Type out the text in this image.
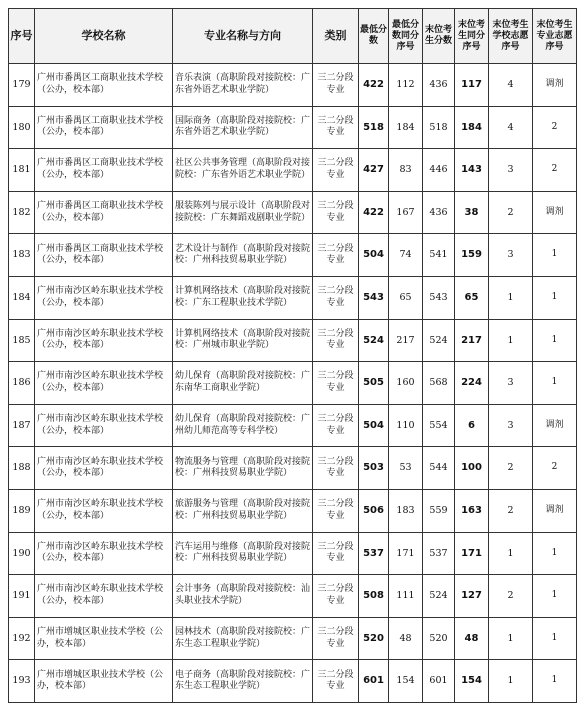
序号	学校名称	专业名称与方向	类别	最低分数	最低分数同分序号	末位考生分数	末位考生同分序号	末位考生学校志愿序号	末位考生专业志愿序号
179	广州市番禺区工商职业技术学校（公办，校本部）	音乐表演（高职阶段对接院校：广东省外语艺术职业学院）	三二分段专业	422	112	436	117	4	调剂
180	广州市番禺区工商职业技术学校（公办，校本部）	国际商务（高职阶段对接院校：广东省外语艺术职业学院）	三二分段专业	518	184	518	184	4	2
181	广州市番禺区工商职业技术学校（公办，校本部）	社区公共事务管理（高职阶段对接院校：广东省外语艺术职业学院）	三二分段专业	427	83	446	143	3	2
182	广州市番禺区工商职业技术学校（公办，校本部）	服装陈列与展示设计（高职阶段对接院校：广东舞蹈戏剧职业学院）	三二分段专业	422	167	436	38	2	调剂
183	广州市番禺区工商职业技术学校（公办，校本部）	艺术设计与制作（高职阶段对接院校：广州科技贸易职业学院）	三二分段专业	504	74	541	159	3	1
184	广州市南沙区岭东职业技术学校（公办，校本部）	计算机网络技术（高职阶段对接院校：广东工程职业技术学院）	三二分段专业	543	65	543	65	1	1
185	广州市南沙区岭东职业技术学校（公办，校本部）	计算机网络技术（高职阶段对接院校：广州城市职业学院）	三二分段专业	524	217	524	217	1	1
186	广州市南沙区岭东职业技术学校（公办，校本部）	幼儿保育（高职阶段对接院校：广东南华工商职业学院）	三二分段专业	505	160	568	224	3	1
187	广州市南沙区岭东职业技术学校（公办，校本部）	幼儿保育（高职阶段对接院校：广州幼儿师范高等专科学校）	三二分段专业	504	110	554	6	3	调剂
188	广州市南沙区岭东职业技术学校（公办，校本部）	物流服务与管理（高职阶段对接院校：广州科技贸易职业学院）	三二分段专业	503	53	544	100	2	2
189	广州市南沙区岭东职业技术学校（公办，校本部）	旅游服务与管理（高职阶段对接院校：广州科技贸易职业学院）	三二分段专业	506	183	559	163	2	调剂
190	广州市南沙区岭东职业技术学校（公办，校本部）	汽车运用与维修（高职阶段对接院校：广州科技贸易职业学院）	三二分段专业	537	171	537	171	1	1
191	广州市南沙区岭东职业技术学校（公办，校本部）	会计事务（高职阶段对接院校：汕头职业技术学院）	三二分段专业	508	111	524	127	2	1
192	广州市增城区职业技术学校（公办，校本部）	园林技术（高职阶段对接院校：广东生态工程职业学院）	三二分段专业	520	48	520	48	1	1
193	广州市增城区职业技术学校（公办，校本部）	电子商务（高职阶段对接院校：广东生态工程职业学院）	三二分段专业	601	154	601	154	1	1
